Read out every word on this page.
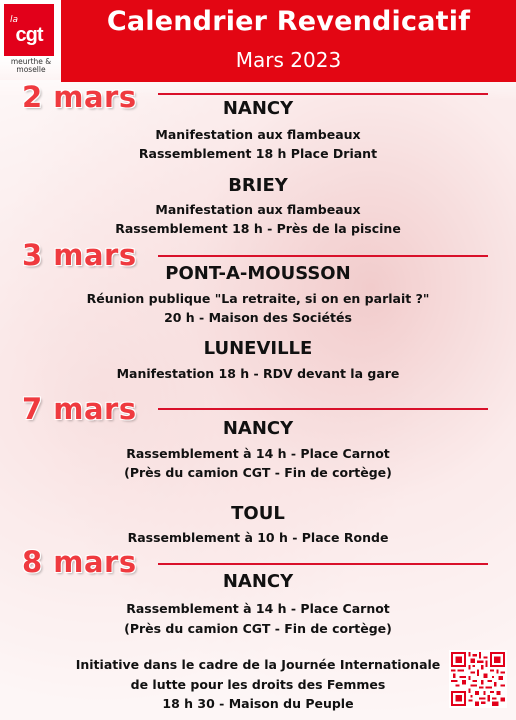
la
cgt
meurthe & moselle
Calendrier Revendicatif
Mars 2023
2 mars	NANCY
Manifestation aux flambeaux
Rassemblement 18 h Place Driant
BRIEY
Manifestation aux flambeaux
Rassemblement 18 h - Près de la piscine
3 mars
PONT-A-MOUSSON
Réunion publique "La retraite, si on en parlait ?"
20 h - Maison des Sociétés
LUNEVILLE
Manifestation 18 h - RDV devant la gare
7 mars
NANCY
Rassemblement à 14 h - Place Carnot
(Près du camion CGT - Fin de cortège)
TOUL
Rassemblement à 10 h - Place Ronde
8 mars
NANCY
Rassemblement à 14 h - Place Carnot
(Près du camion CGT - Fin de cortège)
Initiative dans le cadre de la Journée Internationale
de lutte pour les droits des Femmes
18 h 30 - Maison du Peuple
